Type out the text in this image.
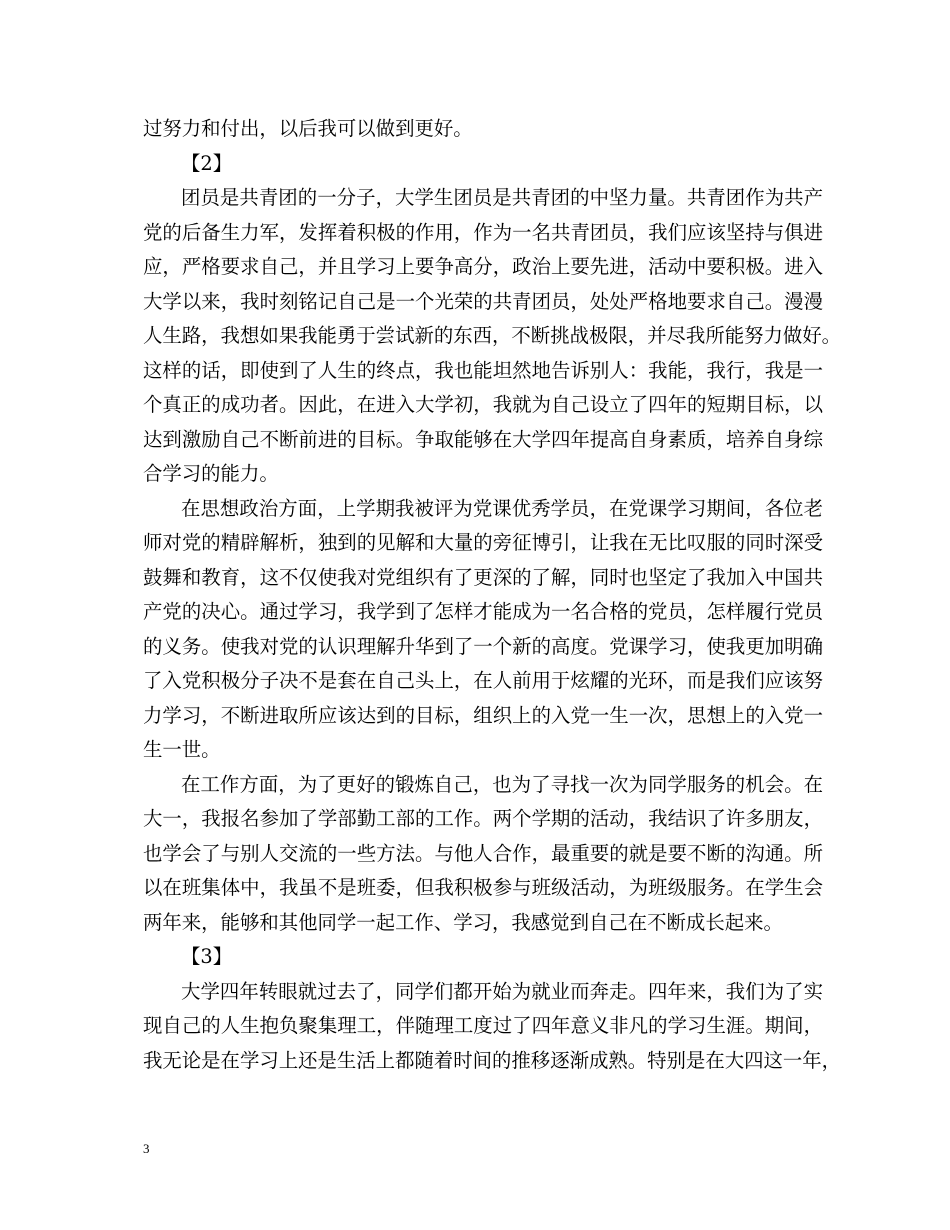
过努力和付出，以后我可以做到更好。
【2】
团员是共青团的一分子，大学生团员是共青团的中坚力量。共青团作为共产
党的后备生力军，发挥着积极的作用，作为一名共青团员，我们应该坚持与俱进
应，严格要求自己，并且学习上要争高分，政治上要先进，活动中要积极。进入
大学以来，我时刻铭记自己是一个光荣的共青团员，处处严格地要求自己。漫漫
人生路，我想如果我能勇于尝试新的东西，不断挑战极限，并尽我所能努力做好。
这样的话，即使到了人生的终点，我也能坦然地告诉别人：我能，我行，我是一
个真正的成功者。因此，在进入大学初，我就为自己设立了四年的短期目标，以
达到激励自己不断前进的目标。争取能够在大学四年提高自身素质，培养自身综
合学习的能力。
在思想政治方面，上学期我被评为党课优秀学员，在党课学习期间，各位老
师对党的精辟解析，独到的见解和大量的旁征博引，让我在无比叹服的同时深受
鼓舞和教育，这不仅使我对党组织有了更深的了解，同时也坚定了我加入中国共
产党的决心。通过学习，我学到了怎样才能成为一名合格的党员，怎样履行党员
的义务。使我对党的认识理解升华到了一个新的高度。党课学习，使我更加明确
了入党积极分子决不是套在自己头上，在人前用于炫耀的光环，而是我们应该努
力学习，不断进取所应该达到的目标，组织上的入党一生一次，思想上的入党一
生一世。
在工作方面，为了更好的锻炼自己，也为了寻找一次为同学服务的机会。在
大一，我报名参加了学部勤工部的工作。两个学期的活动，我结识了许多朋友，
也学会了与别人交流的一些方法。与他人合作，最重要的就是要不断的沟通。所
以在班集体中，我虽不是班委，但我积极参与班级活动，为班级服务。在学生会
两年来，能够和其他同学一起工作、学习，我感觉到自己在不断成长起来。
【3】
大学四年转眼就过去了，同学们都开始为就业而奔走。四年来，我们为了实
现自己的人生抱负聚集理工，伴随理工度过了四年意义非凡的学习生涯。期间，
我无论是在学习上还是生活上都随着时间的推移逐渐成熟。特别是在大四这一年，
3
